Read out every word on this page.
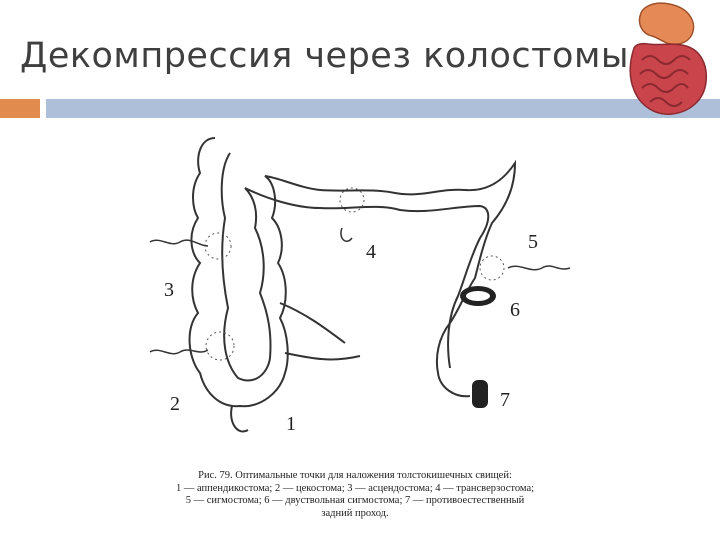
Декомпрессия через колостомы
1
2
3
4	5
6
7
Рис. 79. Оптимальные точки для наложения толстокишечных свищей:
1 — аппендикостома; 2 — цекостома; 3 — асцендостома; 4 — трансверзостома;
5 — сигмостома; 6 — двуствольная сигмостома; 7 — противоестественный
задний проход.
